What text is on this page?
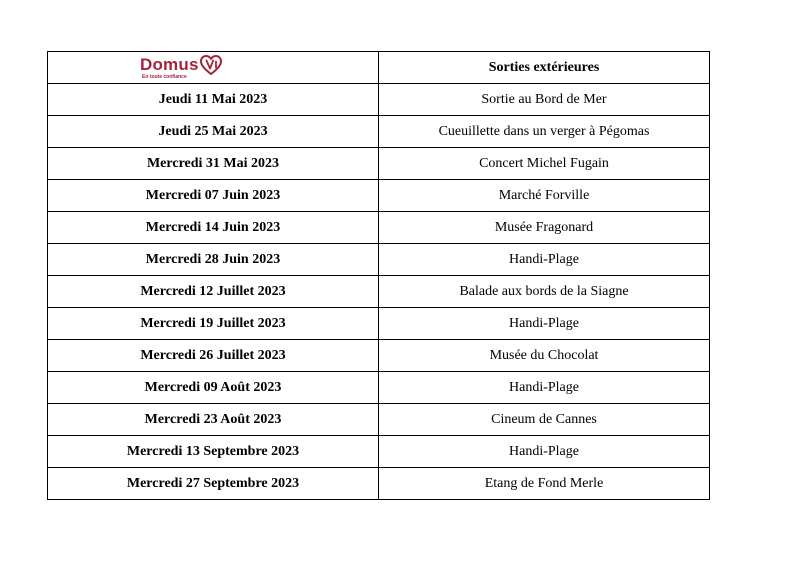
Domus
En toute confiance	Sorties extérieures
Jeudi 11 Mai 2023	Sortie au Bord de Mer
Jeudi 25 Mai 2023	Cueuillette dans un verger à Pégomas
Mercredi 31 Mai 2023	Concert Michel Fugain
Mercredi 07 Juin 2023	Marché Forville
Mercredi 14 Juin 2023	Musée Fragonard
Mercredi 28 Juin 2023	Handi-Plage
Mercredi 12 Juillet 2023	Balade aux bords de la Siagne
Mercredi 19 Juillet 2023	Handi-Plage
Mercredi 26 Juillet 2023	Musée du Chocolat
Mercredi 09 Août 2023	Handi-Plage
Mercredi 23 Août 2023	Cineum de Cannes
Mercredi 13 Septembre 2023	Handi-Plage
Mercredi 27 Septembre 2023	Etang de Fond Merle
